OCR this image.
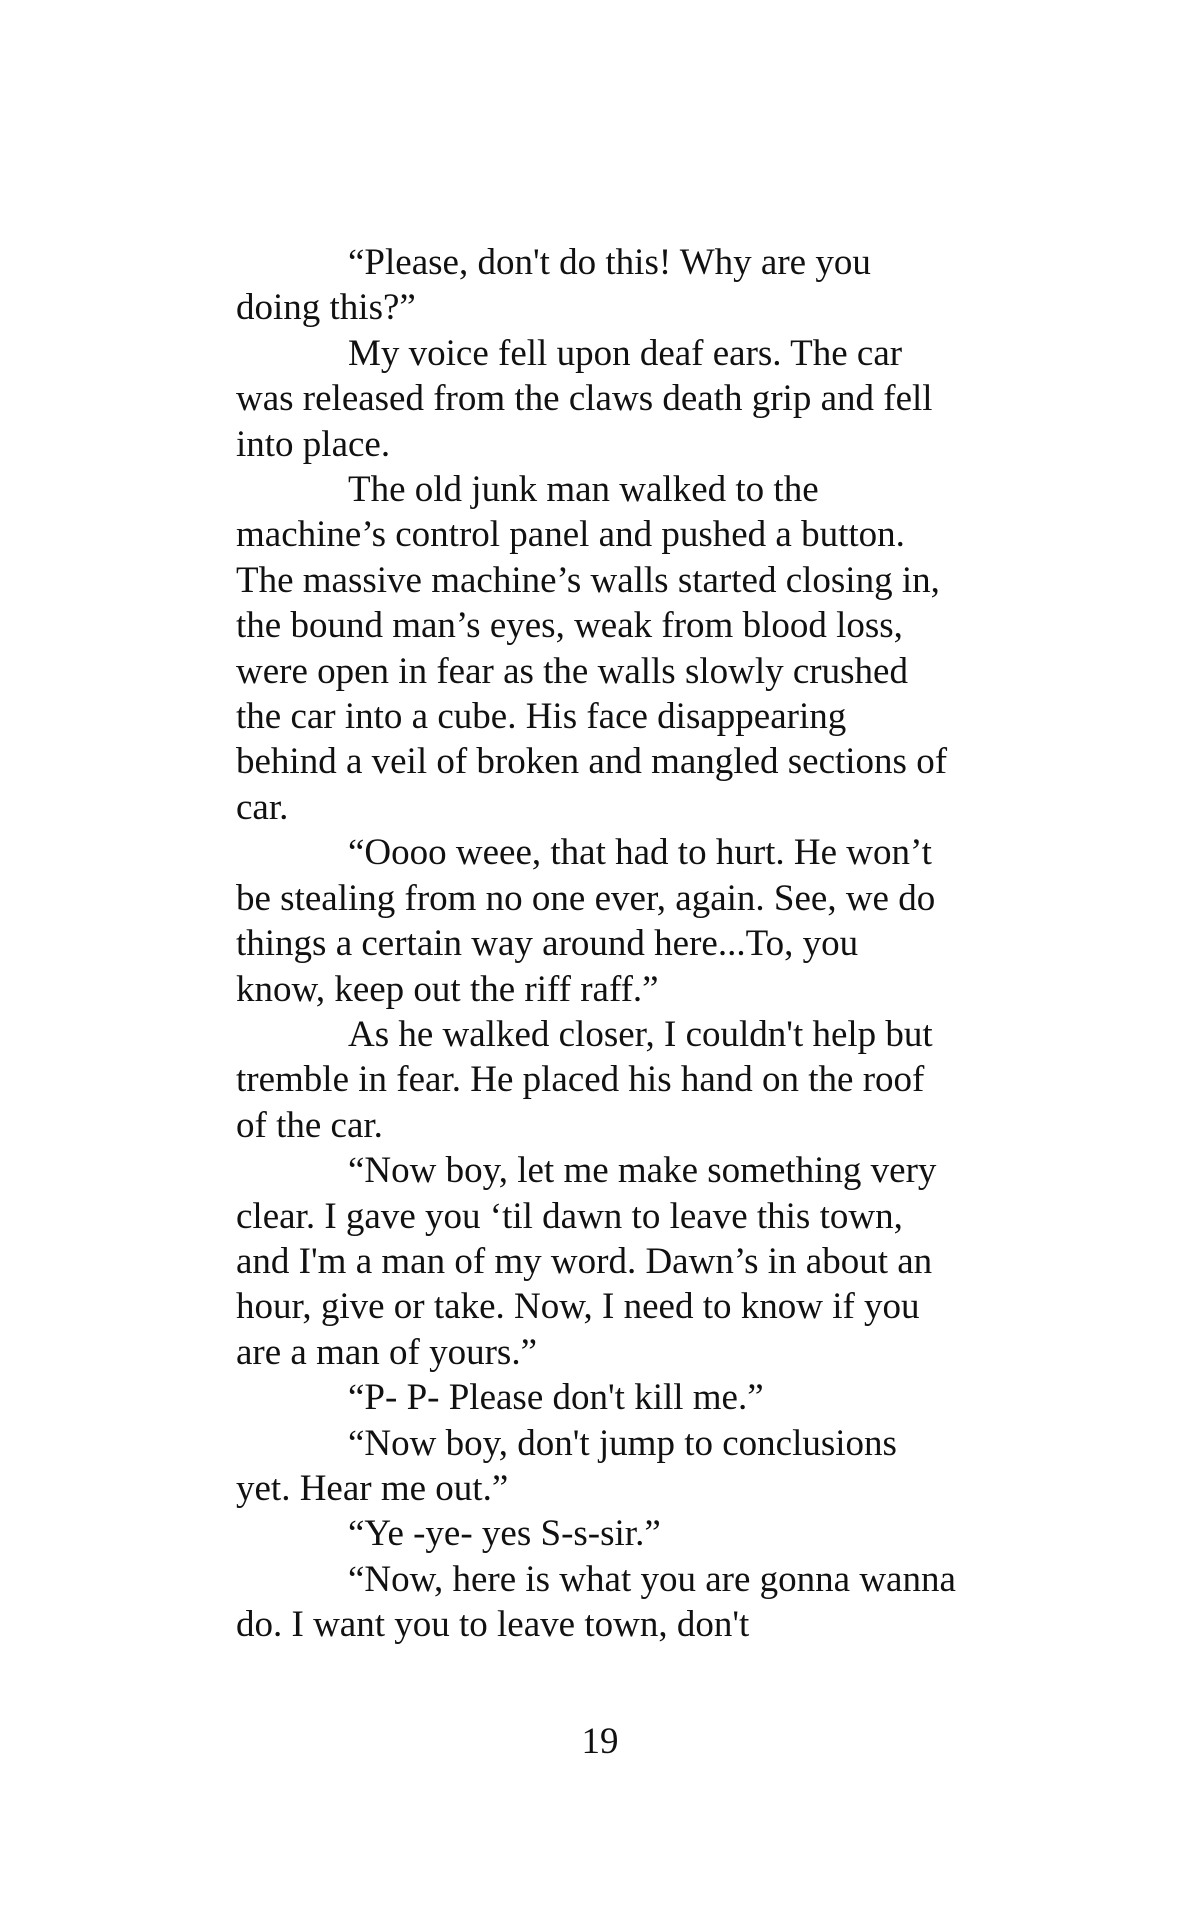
“Please, don't do this! Why are you doing this?”

My voice fell upon deaf ears. The car was released from the claws death grip and fell into place.

The old junk man walked to the machine’s control panel and pushed a button. The massive machine’s walls started closing in, the bound man’s eyes, weak from blood loss, were open in fear as the walls slowly crushed the car into a cube. His face disappearing behind a veil of broken and mangled sections of car.

“Oooo weee, that had to hurt. He won’t be stealing from no one ever, again. See, we do things a certain way around here...To, you know, keep out the riff raff.”

As he walked closer, I couldn't help but tremble in fear. He placed his hand on the roof of the car.

“Now boy, let me make something very clear. I gave you ‘til dawn to leave this town, and I'm a man of my word. Dawn’s in about an hour, give or take. Now, I need to know if you are a man of yours.”

“P- P- Please don't kill me.”

“Now boy, don't jump to conclusions yet. Hear me out.”

“Ye -ye- yes S-s-sir.”

“Now, here is what you are gonna wanna do. I want you to leave town, don't

19
